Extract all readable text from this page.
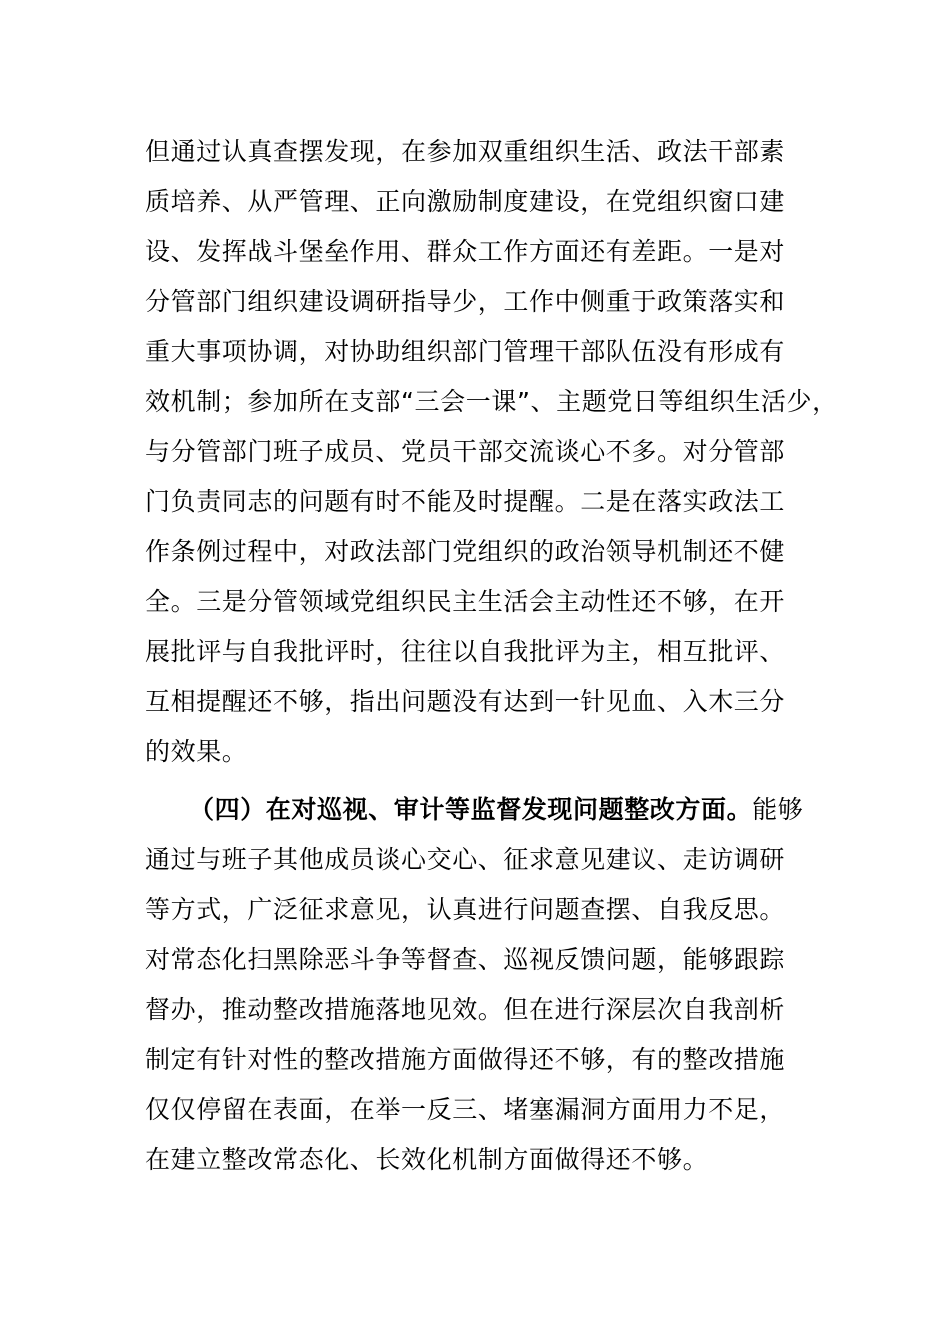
但通过认真查摆发现，在参加双重组织生活、政法干部素
质培养、从严管理、正向激励制度建设，在党组织窗口建
设、发挥战斗堡垒作用、群众工作方面还有差距。一是对
分管部门组织建设调研指导少，工作中侧重于政策落实和
重大事项协调，对协助组织部门管理干部队伍没有形成有
效机制；参加所在支部“三会一课”、主题党日等组织生活少，
与分管部门班子成员、党员干部交流谈心不多。对分管部
门负责同志的问题有时不能及时提醒。二是在落实政法工
作条例过程中，对政法部门党组织的政治领导机制还不健
全。三是分管领域党组织民主生活会主动性还不够，在开
展批评与自我批评时，往往以自我批评为主，相互批评、
互相提醒还不够，指出问题没有达到一针见血、入木三分
的效果。
（四）在对巡视、审计等监督发现问题整改方面。能够
通过与班子其他成员谈心交心、征求意见建议、走访调研
等方式，广泛征求意见，认真进行问题查摆、自我反思。
对常态化扫黑除恶斗争等督查、巡视反馈问题，能够跟踪
督办，推动整改措施落地见效。但在进行深层次自我剖析
制定有针对性的整改措施方面做得还不够，有的整改措施
仅仅停留在表面，在举一反三、堵塞漏洞方面用力不足，
在建立整改常态化、长效化机制方面做得还不够。
